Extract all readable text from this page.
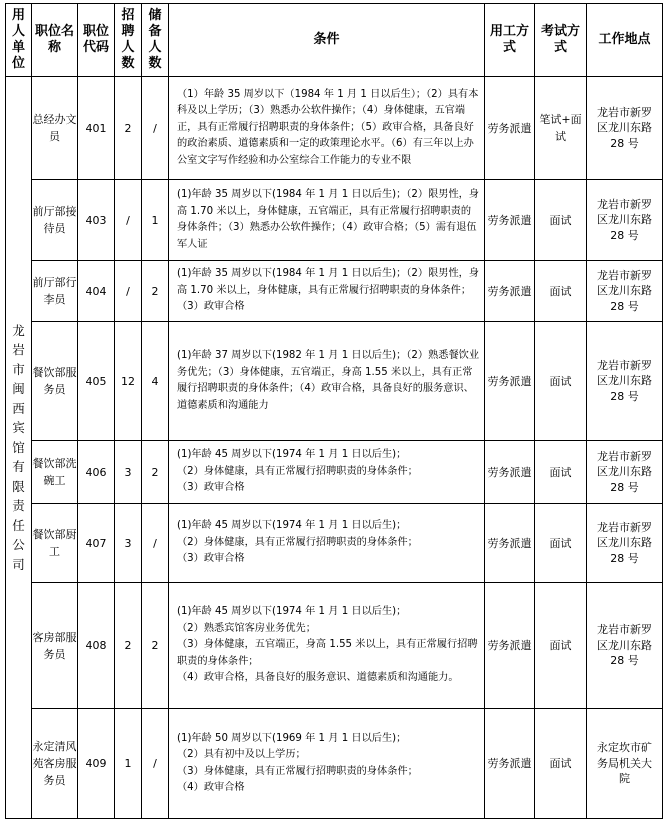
用人单位	职位名称	职位代码	招聘人数	储备人数	条件	用工方式	考试方式	工作地点
龙岩市闽西宾馆有限责任公司	总经办文员	401	2	/	（1）年龄 35 周岁以下（1984 年 1 月 1 日以后生）；（2）具有本科及以上学历；（3）熟悉办公软件操作；（4）身体健康，五官端正，具有正常履行招聘职责的身体条件；（5）政审合格，具备良好的政治素质、道德素质和一定的政策理论水平。（6）有三年以上办公室文字写作经验和办公室综合工作能力的专业不限	劳务派遣	笔试+面试	龙岩市新罗区龙川东路 28 号
	前厅部接待员	403	/	1	(1)年龄 35 周岁以下(1984 年 1 月 1 日以后生)；（2）限男性，身高 1.70 米以上，身体健康，五官端正，具有正常履行招聘职责的身体条件；（3）熟悉办公软件操作；（4）政审合格；（5）需有退伍军人证	劳务派遣	面试	龙岩市新罗区龙川东路 28 号
	前厅部行李员	404	/	2	(1)年龄 35 周岁以下(1984 年 1 月 1 日以后生)；（2）限男性，身高 1.70 米以上，身体健康，具有正常履行招聘职责的身体条件；（3）政审合格	劳务派遣	面试	龙岩市新罗区龙川东路 28 号
	餐饮部服务员	405	12	4	(1)年龄 37 周岁以下(1982 年 1 月 1 日以后生)；（2）熟悉餐饮业务优先；（3）身体健康，五官端正，身高 1.55 米以上，具有正常履行招聘职责的身体条件；（4）政审合格，具备良好的服务意识、道德素质和沟通能力	劳务派遣	面试	龙岩市新罗区龙川东路 28 号
	餐饮部洗碗工	406	3	2	(1)年龄 45 周岁以下(1974 年 1 月 1 日以后生)；
（2）身体健康，具有正常履行招聘职责的身体条件；
（3）政审合格	劳务派遣	面试	龙岩市新罗区龙川东路 28 号
	餐饮部厨工	407	3	/	(1)年龄 45 周岁以下(1974 年 1 月 1 日以后生)；
（2）身体健康，具有正常履行招聘职责的身体条件；
（3）政审合格	劳务派遣	面试	龙岩市新罗区龙川东路 28 号
	客房部服务员	408	2	2	(1)年龄 45 周岁以下(1974 年 1 月 1 日以后生)；
（2）熟悉宾馆客房业务优先；
（3）身体健康，五官端正，身高 1.55 米以上，具有正常履行招聘职责的身体条件；
（4）政审合格，具备良好的服务意识、道德素质和沟通能力。	劳务派遣	面试	龙岩市新罗区龙川东路 28 号
	永定清风苑客房服务员	409	1	/	(1)年龄 50 周岁以下(1969 年 1 月 1 日以后生)；
（2）具有初中及以上学历；
（3）身体健康，具有正常履行招聘职责的身体条件；
（4）政审合格	劳务派遣	面试	永定坎市矿务局机关大院
